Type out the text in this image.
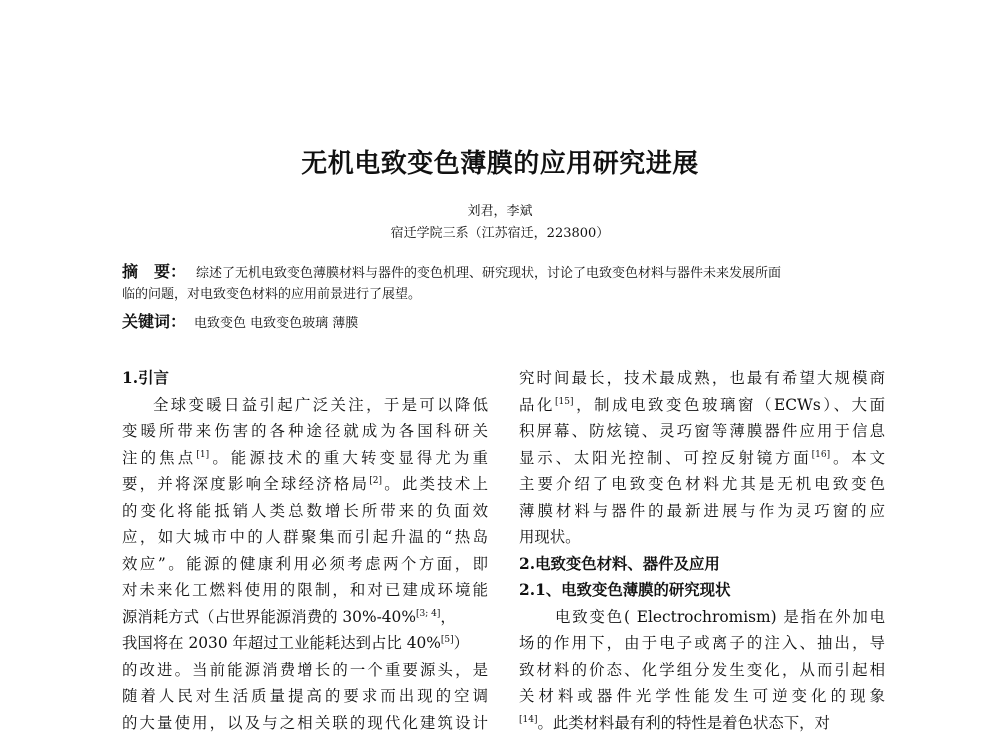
无机电致变色薄膜的应用研究进展
刘君，李斌
宿迁学院三系（江苏宿迁，223800）
摘　要： 综述了无机电致变色薄膜材料与器件的变色机理、研究现状，讨论了电致变色材料与器件未来发展所面
临的问题，对电致变色材料的应用前景进行了展望。
关键词： 电致变色 电致变色玻璃 薄膜
1.引言
全球变暖日益引起广泛关注，于是可以降低
变暖所带来伤害的各种途径就成为各国科研关
注的焦点[1]。能源技术的重大转变显得尤为重
要，并将深度影响全球经济格局[2]。此类技术上
的变化将能抵销人类总数增长所带来的负面效
应，如大城市中的人群聚集而引起升温的“热岛
效应”。能源的健康利用必须考虑两个方面，即
对未来化工燃料使用的限制，和对已建成环境能
源消耗方式（占世界能源消费的 30%-40%[3; 4]，
我国将在 2030 年超过工业能耗达到占比 40%[5]）
的改进。当前能源消费增长的一个重要源头，是
随着人民对生活质量提高的要求而出现的空调
的大量使用，以及与之相关联的现代化建筑设计
究时间最长，技术最成熟，也最有希望大规模商
品化[15]，制成电致变色玻璃窗（ECWs）、大面
积屏幕、防炫镜、灵巧窗等薄膜器件应用于信息
显示、太阳光控制、可控反射镜方面[16]。本文
主要介绍了电致变色材料尤其是无机电致变色
薄膜材料与器件的最新进展与作为灵巧窗的应
用现状。
2.电致变色材料、器件及应用
2.1、电致变色薄膜的研究现状
电致变色( Electrochromism) 是指在外加电
场的作用下，由于电子或离子的注入、抽出，导
致材料的价态、化学组分发生变化，从而引起相
关材料或器件光学性能发生可逆变化的现象
[14]。此类材料最有利的特性是着色状态下，对
